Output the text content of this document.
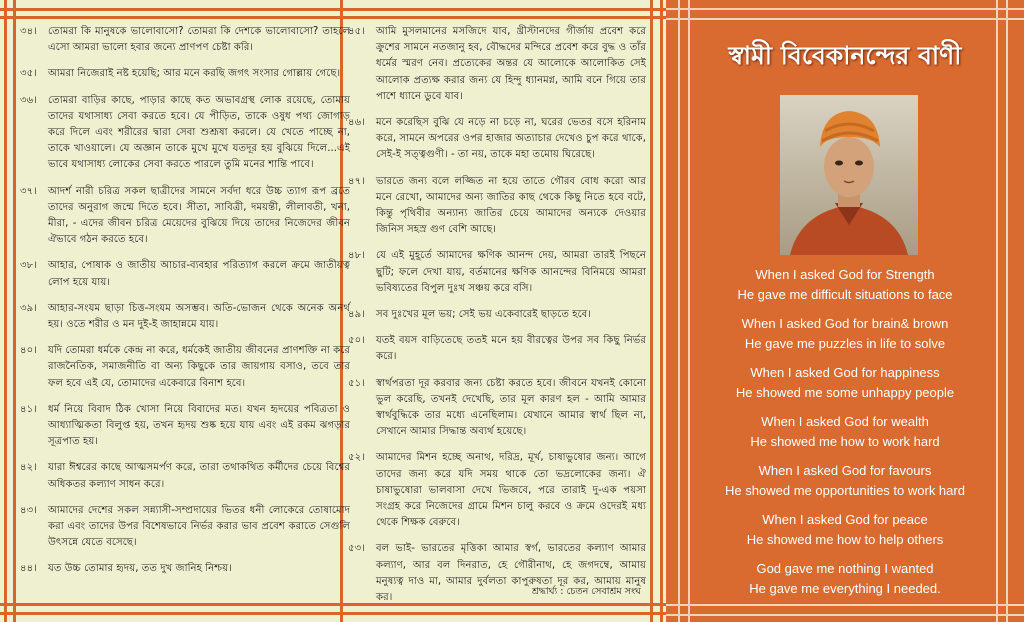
৩৪।	তোমরা কি মানুষকে ভালোবাসো? তোমরা কি দেশকে ভালোবাসো? তাহলে এসো আমরা ভালো হবার জন্যে প্রাণপণ চেষ্টা করি।
৩৫।	আমরা নিজেরাই নষ্ট হয়েছি; আর মনে করছি জগৎ সংসার গোল্লায় গেছে।
৩৬।	তোমরা বাড়ির কাছে, পাড়ার কাছে কত অভাবগ্রস্থ লোক রয়েছে, তোমায় তাদের যথাসাধ্য সেবা করতে হবে। যে পীড়িত, তাকে ওষুধ পথ্য জোগাড় করে দিলে এবং শরীরের দ্বারা সেবা শুশ্রূষা করলে। যে খেতে পাচ্ছে না, তাকে খাওয়ালে। যে অজ্ঞান তাকে মুখে মুখে যতদূর হয় বুঝিয়ে দিলে...এই ভাবে যথাসাধ্য লোকের সেবা করতে পারলে তুমি মনের শান্তি পাবে।
৩৭।	আদর্শ নারী চরিত্র সকল ছাত্রীদের সামনে সর্বদা ধরে উচ্চ ত্যাগ রূপ ব্রতে তাদের অনুরাগ জন্মে দিতে হবে। সীতা, সাবিত্রী, দময়ন্তী, লীলাবতী, খনা, মীরা, - এদের জীবন চরিত্র মেয়েদের বুঝিয়ে দিয়ে তাদের নিজেদের জীবন ঐভাবে গঠন করতে হবে।
৩৮।	আহার, পোষাক ও জাতীয় আচার-ব্যবহার পরিত্যাগ করলে ক্রমে জাতীয়ত্ব লোপ হয়ে যায়।
৩৯।	আহার-সংযম ছাড়া চিত্ত-সংযম অসম্ভব। অতি-ভোজন থেকে অনেক অনর্থ হয়। ওতে শরীর ও মন দুই-ই জাহান্নমে যায়।
৪০।	যদি তোমরা ধর্মকে কেন্দ্র না করে, ধর্মকেই জাতীয় জীবনের প্রাণশক্তি না করে রাজনৈতিক, সমাজনীতি বা অন্য কিছুকে তার জায়গায় বসাও, তবে তার ফল হবে এই যে, তোমাদের একেবারে বিনাশ হবে।
৪১।	ধর্ম নিয়ে বিবাদ ঠিক খোসা নিয়ে বিবাদের মত। যখন হৃদয়ের পবিত্রতা ও আধ্যাত্মিকতা বিলুপ্ত হয়, তখন হৃদয় শুষ্ক হয়ে যায় এবং এই রকম ঝগড়ার সূত্রপাত হয়।
৪২।	যারা ঈশ্বরের কাছে আত্মসমর্পণ করে, তারা তথাকথিত কর্মীদের চেয়ে বিশ্বের অধিকতর কল্যাণ সাধন করে।
৪৩।	আমাদের দেশের সকল সন্ন্যাসী-সম্প্রদায়ের ভিতর ধনী লোকেরে তোষামোদ করা এবং তাদের উপর বিশেষভাবে নির্ভর করার ভাব প্রবেশ করাতে সেগুলি উৎসন্নে যেতে বসেছে।
৪৪।	যত উচ্চ তোমার হৃদয়, তত দুখ জানিহ নিশ্চয়।
৪৫।	আমি মুসলমানের মসজিদে যাব, খ্রীস্টানদের গীর্জায় প্রবেশ করে ক্রুশের সামনে নতজানু হব, বৌদ্ধদের মন্দিরে প্রবেশ করে বুদ্ধ ও তাঁর ধর্মের স্মরণ নেব। প্রত্যেকের অন্তর যে আলোকে আলোকিত সেই আলোক প্রত্যক্ষ করার জন্য যে হিন্দু ধ্যানমগ্ন, আমি বনে গিয়ে তার পাশে ধ্যানে ডুবে যাব।
৪৬।	মনে করেছিস বুঝি যে নড়ে না চড়ে না, ঘরের ভেতর বসে হরিনাম করে, সামনে অপরের ওপর হাজার অত্যাচার দেখেও চুপ করে থাকে, সেই-ই সত্ত্বগুণী। - তা নয়, তাকে মহা তমোয় ঘিরেছে।
৪৭।	ভারতে জন্য বলে লজ্জিত না হয়ে তাতে গৌরব বোধ করো আর মনে রেখো, আমাদের অন্য জাতির কাছ থেকে কিছু নিতে হবে বটে, কিন্তু পৃথিবীর অন্যান্য জাতির চেয়ে আমাদের অন্যকে দেওয়ার জিনিস সহস্র গুণ বেশি আছে।
৪৮।	যে এই মুহূর্তে আমাদের ক্ষণিক আনন্দ দেয়, আমরা তারই পিছনে ছুটি; ফলে দেখা যায়, বর্তমানের ক্ষণিক আনন্দের বিনিময়ে আমরা ভবিষ্যতের বিপুল দুঃখ সঞ্চয় করে বসি।
৪৯।	সব দুঃখের মূল ভয়; সেই ভয় একেবারেই ছাড়তে হবে।
৫০।	যতই বয়স বাড়িতেছে ততই মনে হয় বীরত্বের উপর সব কিছু নির্ভর করে।
৫১।	স্বার্থপরতা দূর করবার জন্য চেষ্টা করতে হবে। জীবনে যখনই কোনো ভুল করেছি, তখনই দেখেছি, তার মূল কারণ হল - আমি আমার স্বার্থবুদ্ধিকে তার মধ্যে এনেছিলাম। যেখানে আমার স্বার্থ ছিল না, সেখানে আমার সিদ্ধান্ত অব্যর্থ হয়েছে।
৫২।	আমাদের মিশন হচ্ছে অনাথ, দরিদ্র, মূর্খ, চাষাভুষোর জন্য। আগে তাদের জন্য করে যদি সময় থাকে তো ভদ্রলোকের জন্য। ঐ চাষাভুষোরা ভালবাসা দেখে ভিজবে, পরে তারাই দু-এক পয়সা সংগ্রহ করে নিজেদের গ্রামে মিশন চালু করবে ও ক্রমে ওদেরই মধ্য থেকে শিক্ষক বেরুবে।
৫৩।	বল ভাই- ভারতের মৃত্তিকা আমার স্বর্গ, ভারতের কল্যাণ আমার কল্যাণ, আর বল দিনরাত, হে গৌরীনাথ, হে জগদম্বে, আমায় মনুষ্যত্ব দাও মা, আমার দুর্বলতা কাপুরুষতা দূর কর, আমায় মানুষ কর।
শ্রদ্ধার্ঘ্য : চেতন সেবাশ্রম সংঘ
স্বামী বিবেকানন্দের বাণী
When I asked God for Strength
He gave me difficult situations to face
When I asked God for brain& brown
He gave me puzzles in life to solve
When I asked God for happiness
He showed me some unhappy people
When I asked God for wealth
He showed me how to work hard
When I asked God for favours
He showed me opportunities to work hard
When I asked God for peace
He showed me how to help others
God gave me nothing I wanted
He gave me everything I needed.
